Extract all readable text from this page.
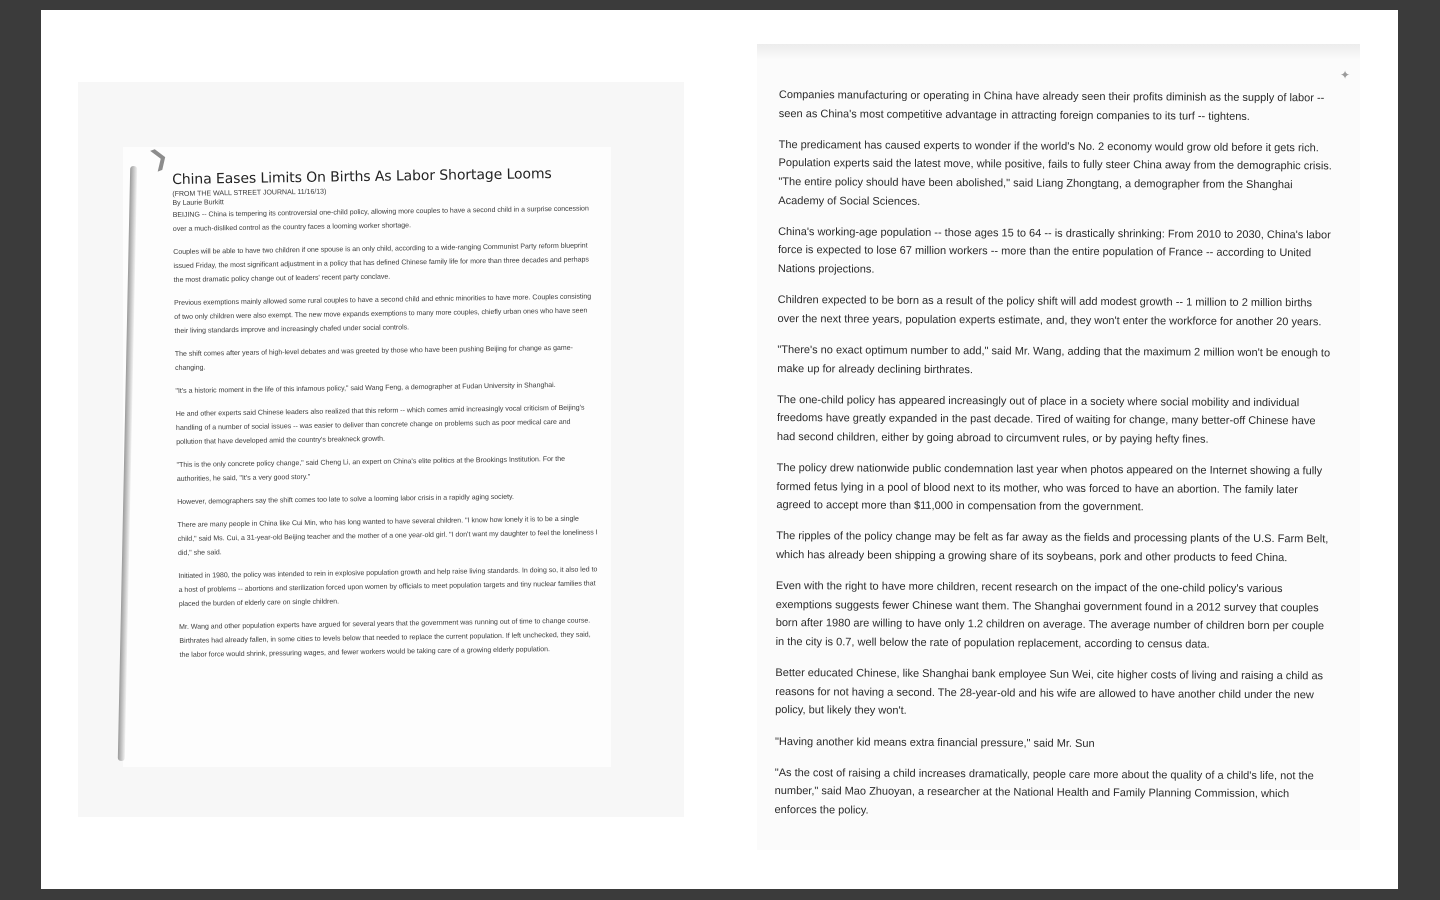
❯
✦
China Eases Limits On Births As Labor Shortage Looms
(FROM THE WALL STREET JOURNAL 11/16/13)
By Laurie Burkitt

BEIJING -- China is tempering its controversial one-child policy, allowing more couples to have a second child in a surprise concession over a much-disliked control as the country faces a looming worker shortage.

Couples will be able to have two children if one spouse is an only child, according to a wide-ranging Communist Party reform blueprint issued Friday, the most significant adjustment in a policy that has defined Chinese family life for more than three decades and perhaps the most dramatic policy change out of leaders' recent party conclave.

Previous exemptions mainly allowed some rural couples to have a second child and ethnic minorities to have more. Couples consisting of two only children were also exempt. The new move expands exemptions to many more couples, chiefly urban ones who have seen their living standards improve and increasingly chafed under social controls.

The shift comes after years of high-level debates and was greeted by those who have been pushing Beijing for change as game-changing.

"It's a historic moment in the life of this infamous policy," said Wang Feng, a demographer at Fudan University in Shanghai.

He and other experts said Chinese leaders also realized that this reform -- which comes amid increasingly vocal criticism of Beijing's handling of a number of social issues -- was easier to deliver than concrete change on problems such as poor medical care and pollution that have developed amid the country's breakneck growth.

"This is the only concrete policy change," said Cheng Li, an expert on China's elite politics at the Brookings Institution. For the authorities, he said, "It's a very good story."

However, demographers say the shift comes too late to solve a looming labor crisis in a rapidly aging society.

There are many people in China like Cui Min, who has long wanted to have several children. "I know how lonely it is to be a single child," said Ms. Cui, a 31-year-old Beijing teacher and the mother of a one year-old girl. "I don't want my daughter to feel the loneliness I did," she said.

Initiated in 1980, the policy was intended to rein in explosive population growth and help raise living standards. In doing so, it also led to a host of problems -- abortions and sterilization forced upon women by officials to meet population targets and tiny nuclear families that placed the burden of elderly care on single children.

Mr. Wang and other population experts have argued for several years that the government was running out of time to change course. Birthrates had already fallen, in some cities to levels below that needed to replace the current population. If left unchecked, they said, the labor force would shrink, pressuring wages, and fewer workers would be taking care of a growing elderly population.

Companies manufacturing or operating in China have already seen their profits diminish as the supply of labor -- seen as China's most competitive advantage in attracting foreign companies to its turf -- tightens.

The predicament has caused experts to wonder if the world's No. 2 economy would grow old before it gets rich. Population experts said the latest move, while positive, fails to fully steer China away from the demographic crisis. "The entire policy should have been abolished," said Liang Zhongtang, a demographer from the Shanghai Academy of Social Sciences.

China's working-age population -- those ages 15 to 64 -- is drastically shrinking: From 2010 to 2030, China's labor force is expected to lose 67 million workers -- more than the entire population of France -- according to United Nations projections.

Children expected to be born as a result of the policy shift will add modest growth -- 1 million to 2 million births over the next three years, population experts estimate, and, they won't enter the workforce for another 20 years.

"There's no exact optimum number to add," said Mr. Wang, adding that the maximum 2 million won't be enough to make up for already declining birthrates.

The one-child policy has appeared increasingly out of place in a society where social mobility and individual freedoms have greatly expanded in the past decade. Tired of waiting for change, many better-off Chinese have had second children, either by going abroad to circumvent rules, or by paying hefty fines.

The policy drew nationwide public condemnation last year when photos appeared on the Internet showing a fully formed fetus lying in a pool of blood next to its mother, who was forced to have an abortion. The family later agreed to accept more than $11,000 in compensation from the government.

The ripples of the policy change may be felt as far away as the fields and processing plants of the U.S. Farm Belt, which has already been shipping a growing share of its soybeans, pork and other products to feed China.

Even with the right to have more children, recent research on the impact of the one-child policy's various exemptions suggests fewer Chinese want them. The Shanghai government found in a 2012 survey that couples born after 1980 are willing to have only 1.2 children on average. The average number of children born per couple in the city is 0.7, well below the rate of population replacement, according to census data.

Better educated Chinese, like Shanghai bank employee Sun Wei, cite higher costs of living and raising a child as reasons for not having a second. The 28-year-old and his wife are allowed to have another child under the new policy, but likely they won't.

"Having another kid means extra financial pressure," said Mr. Sun

"As the cost of raising a child increases dramatically, people care more about the quality of a child's life, not the number," said Mao Zhuoyan, a researcher at the National Health and Family Planning Commission, which enforces the policy.
